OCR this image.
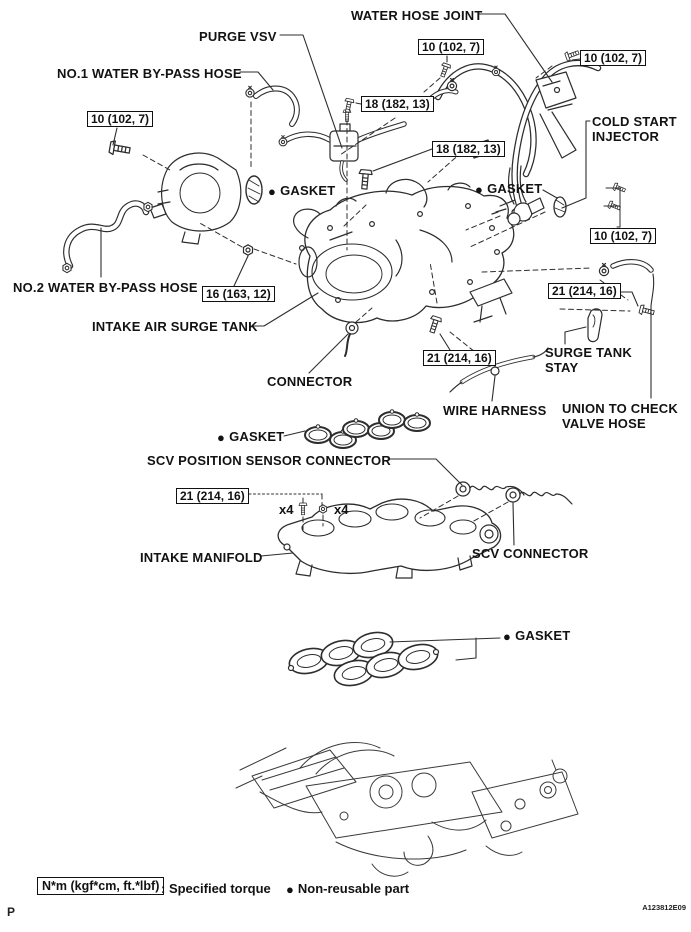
WATER HOSE JOINT
PURGE VSV
NO.1 WATER BY-PASS HOSE
COLD START INJECTOR
● GASKET	● GASKET
NO.2 WATER BY-PASS HOSE
INTAKE AIR SURGE TANK
CONNECTOR
SURGE TANK STAY
WIRE HARNESS UNION TO CHECK VALVE HOSE
● GASKET
SCV POSITION SENSOR CONNECTOR
INTAKE MANIFOLD	SCV CONNECTOR
● GASKET
10 (102, 7)
10 (102, 7)
10 (102, 7)
18 (182, 13)
18 (182, 13)
10 (102, 7)
16 (163, 12)	21 (214, 16)
21 (214, 16)
21 (214, 16)
x4	x4
N*m (kgf*cm, ft.*lbf) : Specified torque ● Non-reusable part
P	A123812E09
